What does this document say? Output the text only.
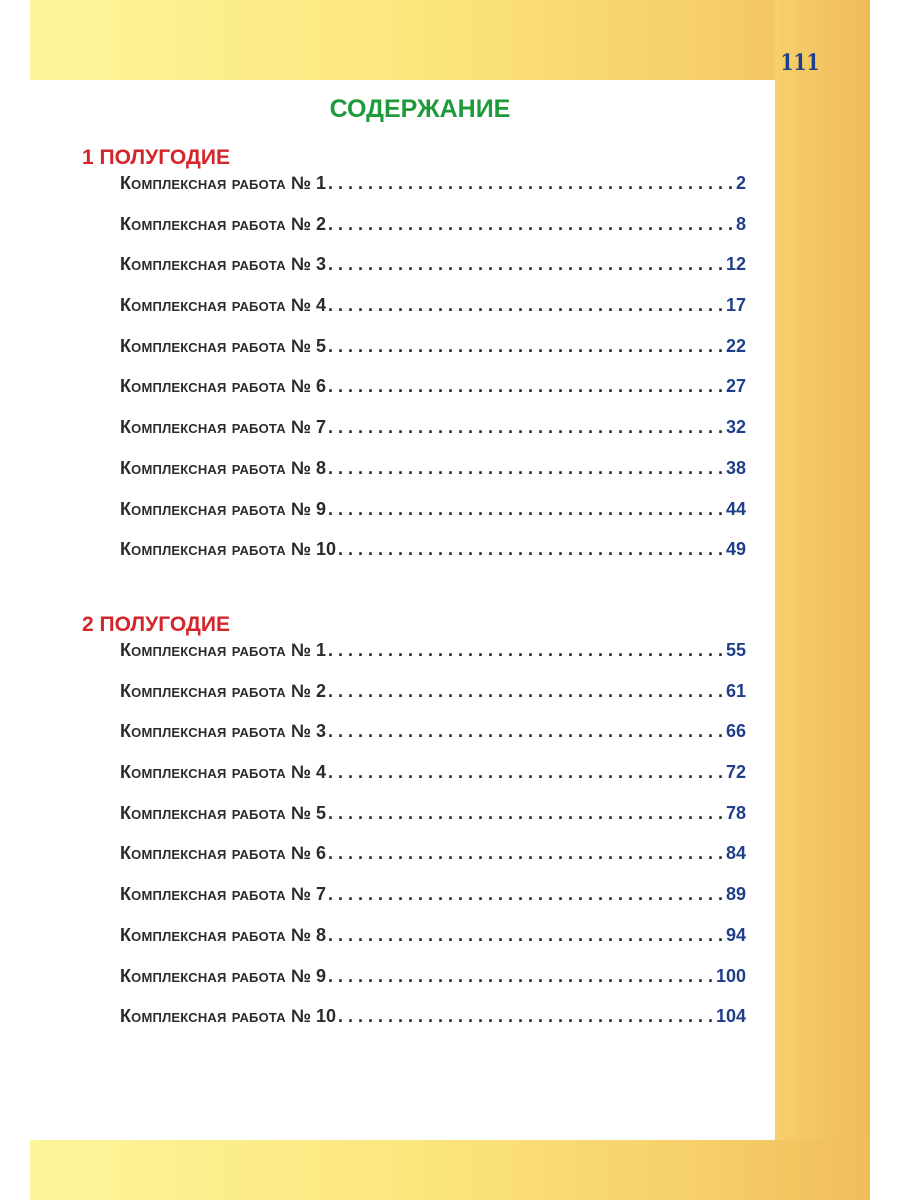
111
СОДЕРЖАНИЕ
1 ПОЛУГОДИЕ
Комплексная работа № 1 . . .	2
Комплексная работа № 2 . . .	8
Комплексная работа № 3 . . .	12
Комплексная работа № 4 . . .	17
Комплексная работа № 5 . . .	22
Комплексная работа № 6 . . .	27
Комплексная работа № 7 . . .	32
Комплексная работа № 8 . . .	38
Комплексная работа № 9 . . .	44
Комплексная работа № 10 . . .	49
2 ПОЛУГОДИЕ
Комплексная работа № 1 . . .	55
Комплексная работа № 2 . . .	61
Комплексная работа № 3 . . .	66
Комплексная работа № 4 . . .	72
Комплексная работа № 5 . . .	78
Комплексная работа № 6 . . .	84
Комплексная работа № 7 . . .	89
Комплексная работа № 8 . . .	94
Комплексная работа № 9 . . .	100
Комплексная работа № 10 . . .	104
